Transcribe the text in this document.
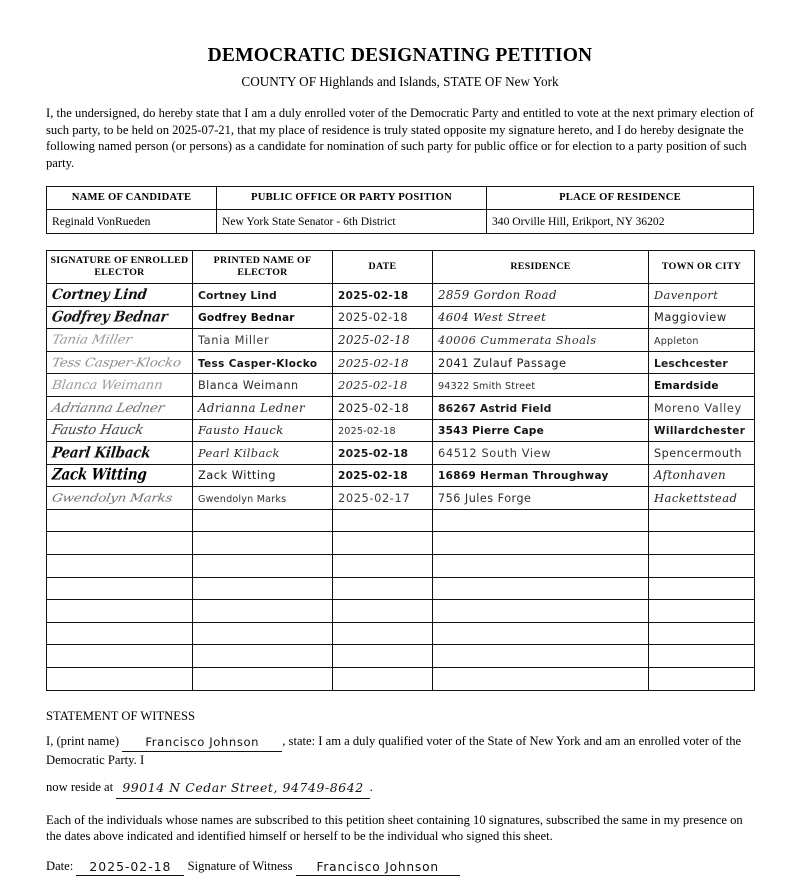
DEMOCRATIC DESIGNATING PETITION
COUNTY OF Highlands and Islands, STATE OF New York
I, the undersigned, do hereby state that I am a duly enrolled voter of the Democratic Party and entitled to vote at the next primary election of such party, to be held on 2025-07-21, that my place of residence is truly stated opposite my signature hereto, and I do hereby designate the following named person (or persons) as a candidate for nomination of such party for public office or for election to a party position of such party.
NAME OF CANDIDATE	PUBLIC OFFICE OR PARTY POSITION	PLACE OF RESIDENCE
Reginald VonRueden	New York State Senator - 6th District	340 Orville Hill, Erikport, NY 36202
SIGNATURE OF ENROLLED ELECTOR	PRINTED NAME OF ELECTOR	DATE	RESIDENCE	TOWN OR CITY
Cortney Lind	Cortney Lind	2025-02-18	2859 Gordon Road	Davenport
Godfrey Bednar	Godfrey Bednar	2025-02-18	4604 West Street	Maggioview
Tania Miller	Tania Miller	2025-02-18	40006 Cummerata Shoals	Appleton
Tess Casper-Klocko	Tess Casper-Klocko	2025-02-18	2041 Zulauf Passage	Leschcester
Blanca Weimann	Blanca Weimann	2025-02-18	94322 Smith Street	Emardside
Adrianna Ledner	Adrianna Ledner	2025-02-18	86267 Astrid Field	Moreno Valley
Fausto Hauck	Fausto Hauck	2025-02-18	3543 Pierre Cape	Willardchester
Pearl Kilback	Pearl Kilback	2025-02-18	64512 South View	Spencermouth
Zack Witting	Zack Witting	2025-02-18	16869 Herman Throughway	Aftonhaven
Gwendolyn Marks	Gwendolyn Marks	2025-02-17	756 Jules Forge	Hackettstead

STATEMENT OF WITNESS
I, (print name) Francisco Johnson , state: I am a duly qualified voter of the State of New York and am an enrolled voter of the Democratic Party. I
now reside at 99014 N Cedar Street, 94749-8642 .
Each of the individuals whose names are subscribed to this petition sheet containing 10 signatures, subscribed the same in my presence on the dates above indicated and identified himself or herself to be the individual who signed this sheet.
Date: 2025-02-18 Signature of Witness Francisco Johnson
